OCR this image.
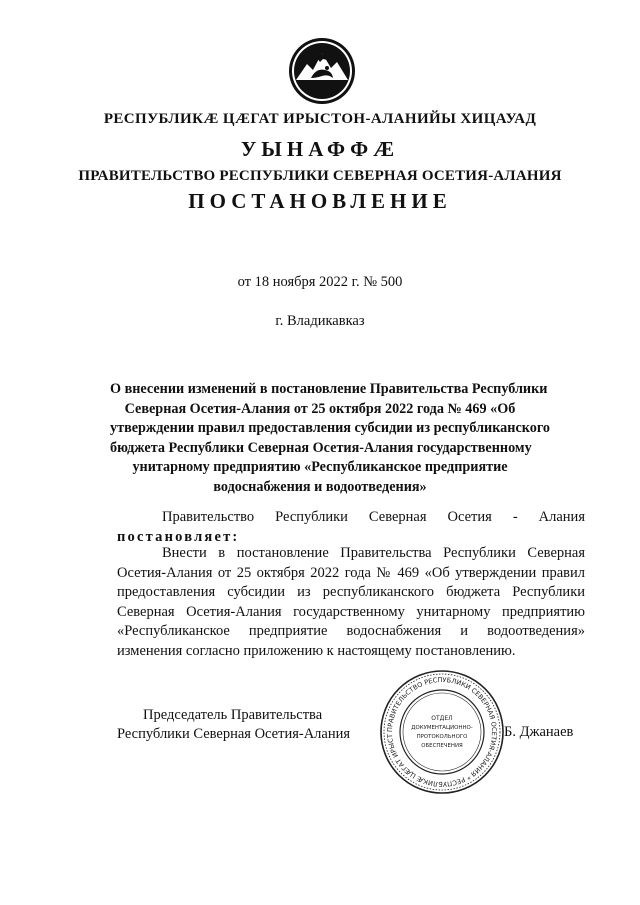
РЕСПУБЛИКӔ ЦӔГАТ ИРЫСТОН-АЛАНИЙЫ ХИЦАУАД
УЫНАФФӔ
ПРАВИТЕЛЬСТВО РЕСПУБЛИКИ СЕВЕРНАЯ ОСЕТИЯ-АЛАНИЯ
ПОСТАНОВЛЕНИЕ
от 18 ноября 2022 г. № 500
г. Владикавказ
О внесении изменений в постановление Правительства Республики
Северная Осетия-Алания от 25 октября 2022 года № 469 «Об
утверждении правил предоставления субсидии из республиканского
бюджета Республики Северная Осетия-Алания государственному
унитарному предприятию «Республиканское предприятие
водоснабжения и водоотведения»
Правительство Республики Северная Осетия - Алания
постановляет:
Внести в постановление Правительства Республики Северная
Осетия-Алания от 25 октября 2022 года № 469 «Об утверждении правил
предоставления субсидии из республиканского бюджета Республики
Северная Осетия-Алания государственному унитарному предприятию
«Республиканское предприятие водоснабжения и водоотведения»
изменения согласно приложению к настоящему постановлению.
Председатель Правительства
Республики Северная Осетия-Алания	ПРАВИТЕЛЬСТВО РЕСПУБЛИКИ СЕВЕРНАЯ ОСЕТИЯ-АЛАНИЯ * РЕСПУБЛИКӔ ЦӔГАТ ИРЫСТ
ОТДЕЛ
ДОКУМЕНТАЦИОННО-
ПРОТОКОЛЬНОГО
ОБЕСПЕЧЕНИЯ
Б. Джанаев
